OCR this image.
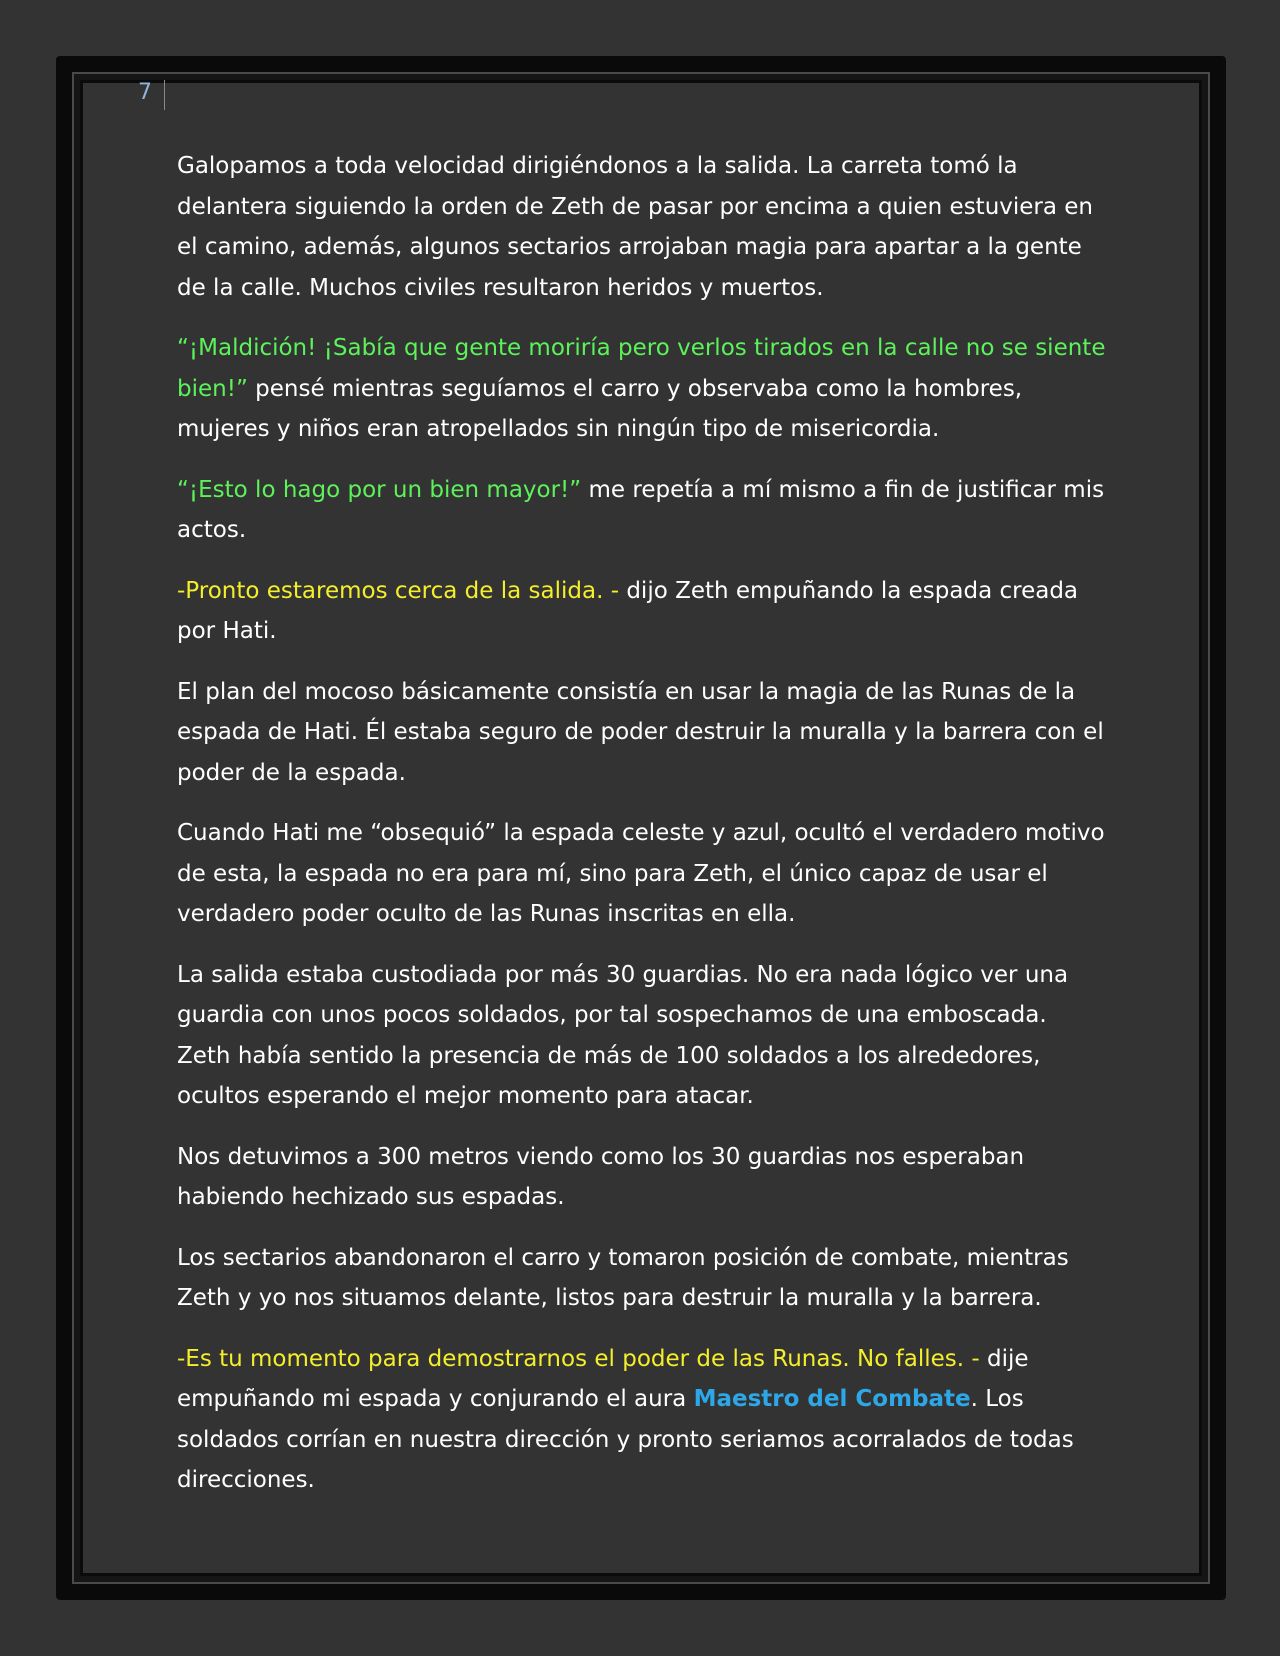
7

Galopamos a toda velocidad dirigiéndonos a la salida. La carreta tomó la delantera siguiendo la orden de Zeth de pasar por encima a quien estuviera en el camino, además, algunos sectarios arrojaban magia para apartar a la gente de la calle. Muchos civiles resultaron heridos y muertos.

“¡Maldición! ¡Sabía que gente moriría pero verlos tirados en la calle no se siente bien!” pensé mientras seguíamos el carro y observaba como la hombres, mujeres y niños eran atropellados sin ningún tipo de misericordia.

“¡Esto lo hago por un bien mayor!” me repetía a mí mismo a fin de justificar mis actos.

-Pronto estaremos cerca de la salida. - dijo Zeth empuñando la espada creada por Hati.

El plan del mocoso básicamente consistía en usar la magia de las Runas de la espada de Hati. Él estaba seguro de poder destruir la muralla y la barrera con el poder de la espada.

Cuando Hati me “obsequió” la espada celeste y azul, ocultó el verdadero motivo de esta, la espada no era para mí, sino para Zeth, el único capaz de usar el verdadero poder oculto de las Runas inscritas en ella.

La salida estaba custodiada por más 30 guardias. No era nada lógico ver una guardia con unos pocos soldados, por tal sospechamos de una emboscada. Zeth había sentido la presencia de más de 100 soldados a los alrededores, ocultos esperando el mejor momento para atacar.

Nos detuvimos a 300 metros viendo como los 30 guardias nos esperaban habiendo hechizado sus espadas.

Los sectarios abandonaron el carro y tomaron posición de combate, mientras Zeth y yo nos situamos delante, listos para destruir la muralla y la barrera.

-Es tu momento para demostrarnos el poder de las Runas. No falles. - dije empuñando mi espada y conjurando el aura Maestro del Combate. Los soldados corrían en nuestra dirección y pronto seriamos acorralados de todas direcciones.
